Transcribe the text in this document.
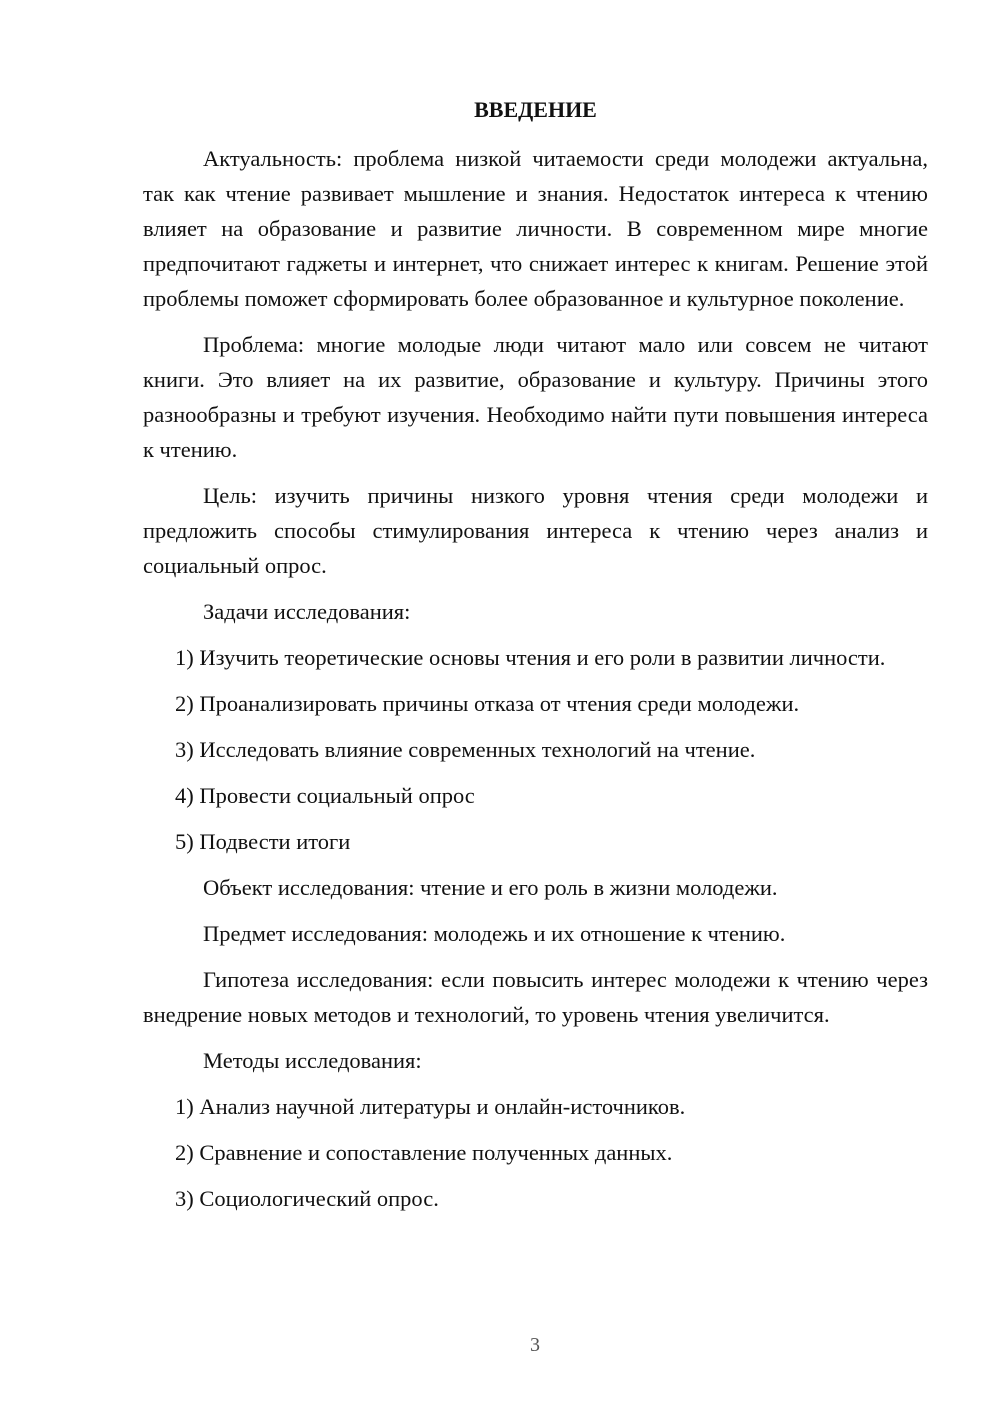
ВВЕДЕНИЕ

Актуальность: проблема низкой читаемости среди молодежи актуальна, так как чтение развивает мышление и знания. Недостаток интереса к чтению влияет на образование и развитие личности. В современном мире многие предпочитают гаджеты и интернет, что снижает интерес к книгам. Решение этой проблемы поможет сформировать более образованное и культурное поколение.

Проблема: многие молодые люди читают мало или совсем не читают книги. Это влияет на их развитие, образование и культуру. Причины этого разнообразны и требуют изучения. Необходимо найти пути повышения интереса к чтению.

Цель: изучить причины низкого уровня чтения среди молодежи и предложить способы стимулирования интереса к чтению через анализ и социальный опрос.

Задачи исследования:

1) Изучить теоретические основы чтения и его роли в развитии личности.

2) Проанализировать причины отказа от чтения среди молодежи.

3) Исследовать влияние современных технологий на чтение.

4) Провести социальный опрос

5) Подвести итоги

Объект исследования: чтение и его роль в жизни молодежи.

Предмет исследования: молодежь и их отношение к чтению.

Гипотеза исследования: если повысить интерес молодежи к чтению через внедрение новых методов и технологий, то уровень чтения увеличится.

Методы исследования:

1) Анализ научной литературы и онлайн-источников.

2) Сравнение и сопоставление полученных данных.

3) Социологический опрос.

3
